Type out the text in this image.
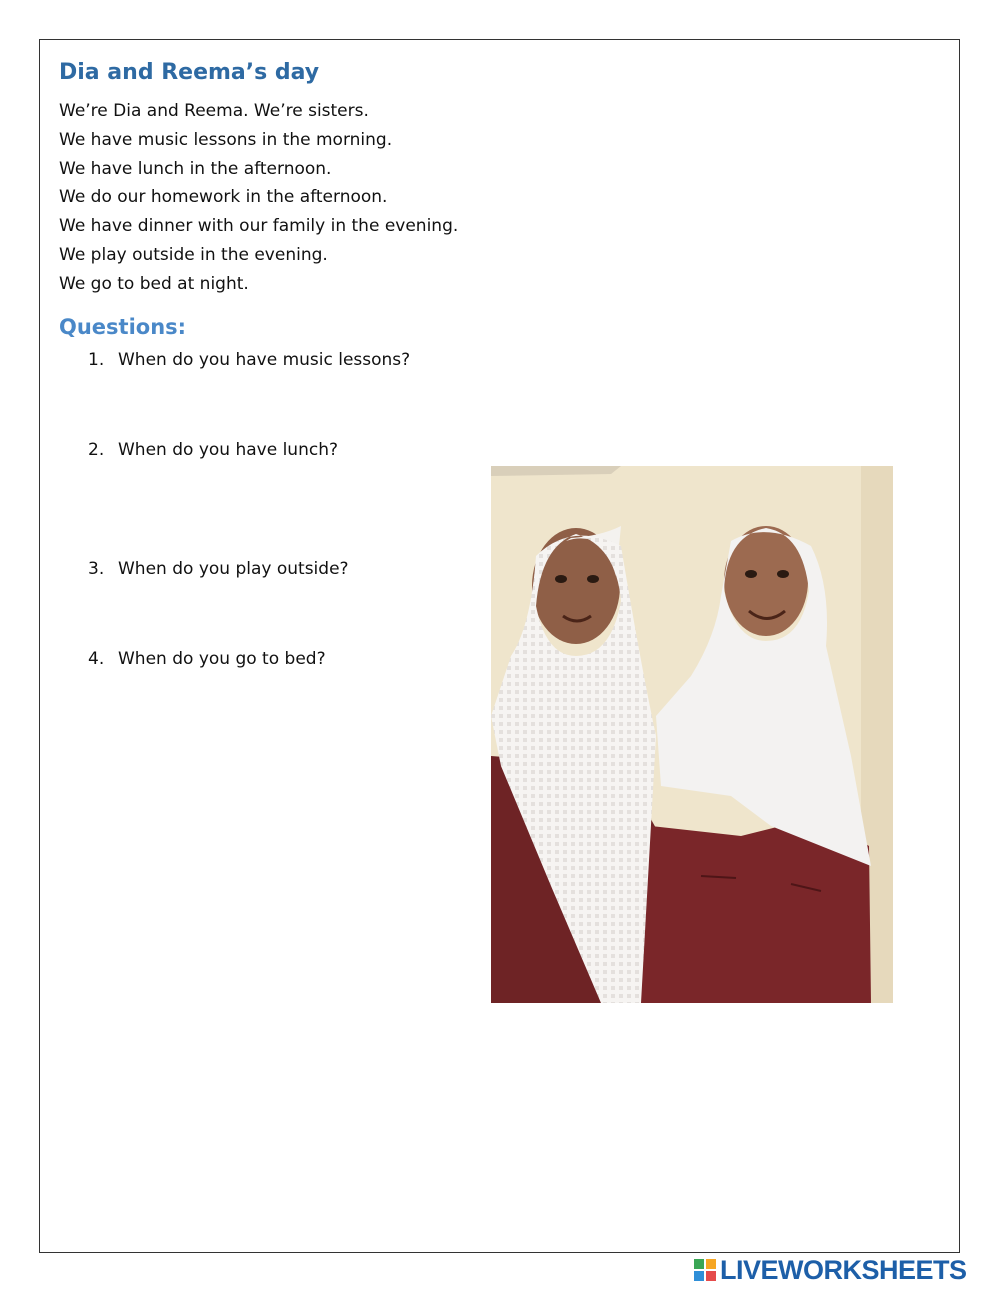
Dia and Reema’s day
We’re Dia and Reema. We’re sisters.
We have music lessons in the morning.
We have lunch in the afternoon.
We do our homework in the afternoon.
We have dinner with our family in the evening.
We play outside in the evening.
We go to bed at night.
Questions:
1. When do you have music lessons?
2. When do you have lunch?
3. When do you play outside?
4. When do you go to bed?
LIVEWORKSHEETS
